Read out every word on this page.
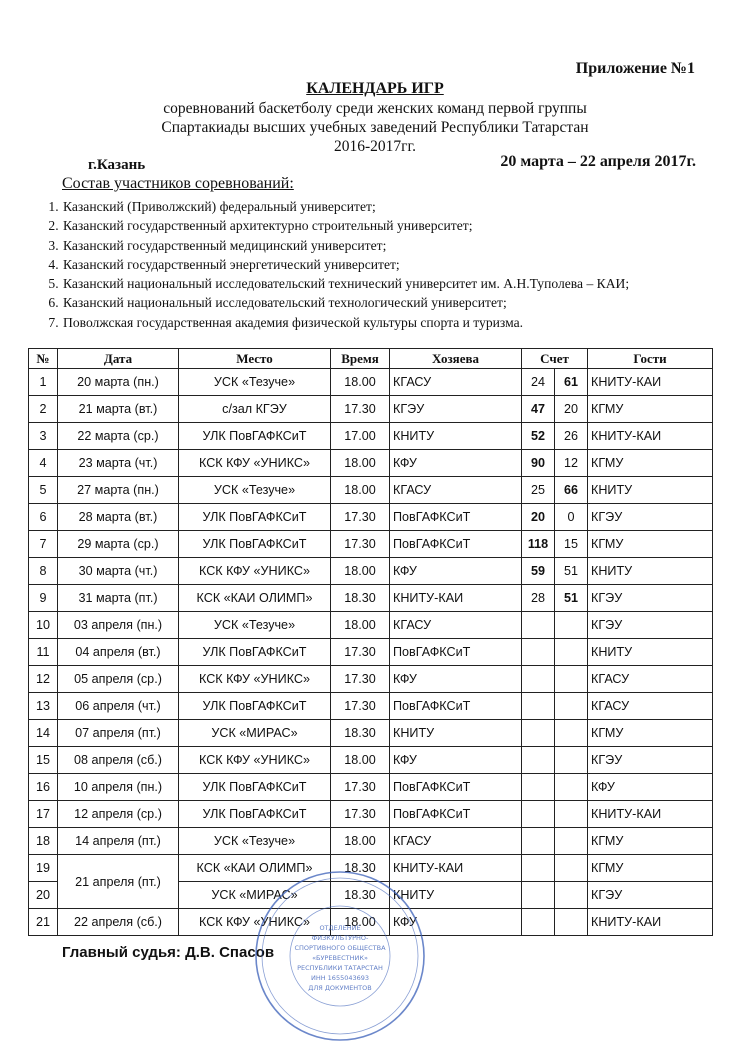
Приложение №1
КАЛЕНДАРЬ ИГР
соревнований баскетболу среди женских команд первой группы
Спартакиады высших учебных заведений Республики Татарстан
2016-2017гг.
г.Казань	20 марта – 22 апреля 2017г.
Состав участников соревнований:
1. Казанский (Приволжский) федеральный университет;
2. Казанский государственный архитектурно строительный университет;
3. Казанский государственный медицинский университет;
4. Казанский государственный энергетический университет;
5. Казанский национальный исследовательский технический университет им. А.Н.Туполева – КАИ;
6. Казанский национальный исследовательский технологический университет;
7. Поволжская государственная академия физической культуры спорта и туризма.
№	Дата	Место	Время	Хозяева	Счет		Гости
1	20 марта (пн.)	УСК «Тезуче»	18.00	КГАСУ	24	61	КНИТУ-КАИ
2	21 марта (вт.)	с/зал КГЭУ	17.30	КГЭУ	47	20	КГМУ
3	22 марта (ср.)	УЛК ПовГАФКСиТ	17.00	КНИТУ	52	26	КНИТУ-КАИ
4	23 марта (чт.)	КСК КФУ «УНИКС»	18.00	КФУ	90	12	КГМУ
5	27 марта (пн.)	УСК «Тезуче»	18.00	КГАСУ	25	66	КНИТУ
6	28 марта (вт.)	УЛК ПовГАФКСиТ	17.30	ПовГАФКСиТ	20	0	КГЭУ
7	29 марта (ср.)	УЛК ПовГАФКСиТ	17.30	ПовГАФКСиТ	118	15	КГМУ
8	30 марта (чт.)	КСК КФУ «УНИКС»	18.00	КФУ	59	51	КНИТУ
9	31 марта (пт.)	КСК «КАИ ОЛИМП»	18.30	КНИТУ-КАИ	28	51	КГЭУ
10	03 апреля (пн.)	УСК «Тезуче»	18.00	КГАСУ			КГЭУ
11	04 апреля (вт.)	УЛК ПовГАФКСиТ	17.30	ПовГАФКСиТ			КНИТУ
12	05 апреля (ср.)	КСК КФУ «УНИКС»	17.30	КФУ			КГАСУ
13	06 апреля (чт.)	УЛК ПовГАФКСиТ	17.30	ПовГАФКСиТ			КГАСУ
14	07 апреля (пт.)	УСК «МИРАС»	18.30	КНИТУ			КГМУ
15	08 апреля (сб.)	КСК КФУ «УНИКС»	18.00	КФУ			КГЭУ
16	10 апреля (пн.)	УЛК ПовГАФКСиТ	17.30	ПовГАФКСиТ			КФУ
17	12 апреля (ср.)	УЛК ПовГАФКСиТ	17.30	ПовГАФКСиТ			КНИТУ-КАИ
18	14 апреля (пт.)	УСК «Тезуче»	18.00	КГАСУ			КГМУ
19	21 апреля (пт.)	КСК «КАИ ОЛИМП»	18.30	КНИТУ-КАИ			КГМУ
20		УСК «МИРАС»	18.30	КНИТУ			КГЭУ
21	22 апреля (сб.)	КСК КФУ «УНИКС»	18.00	КФУ			КНИТУ-КАИ
Главный судья: Д.В. Спасов
ОТДЕЛЕНИЕ
ФИЗКУЛЬТУРНО-
СПОРТИВНОГО ОБЩЕСТВА
«БУРЕВЕСТНИК»
РЕСПУБЛИКИ ТАТАРСТАН
ИНН 1655043693
ДЛЯ ДОКУМЕНТОВ
